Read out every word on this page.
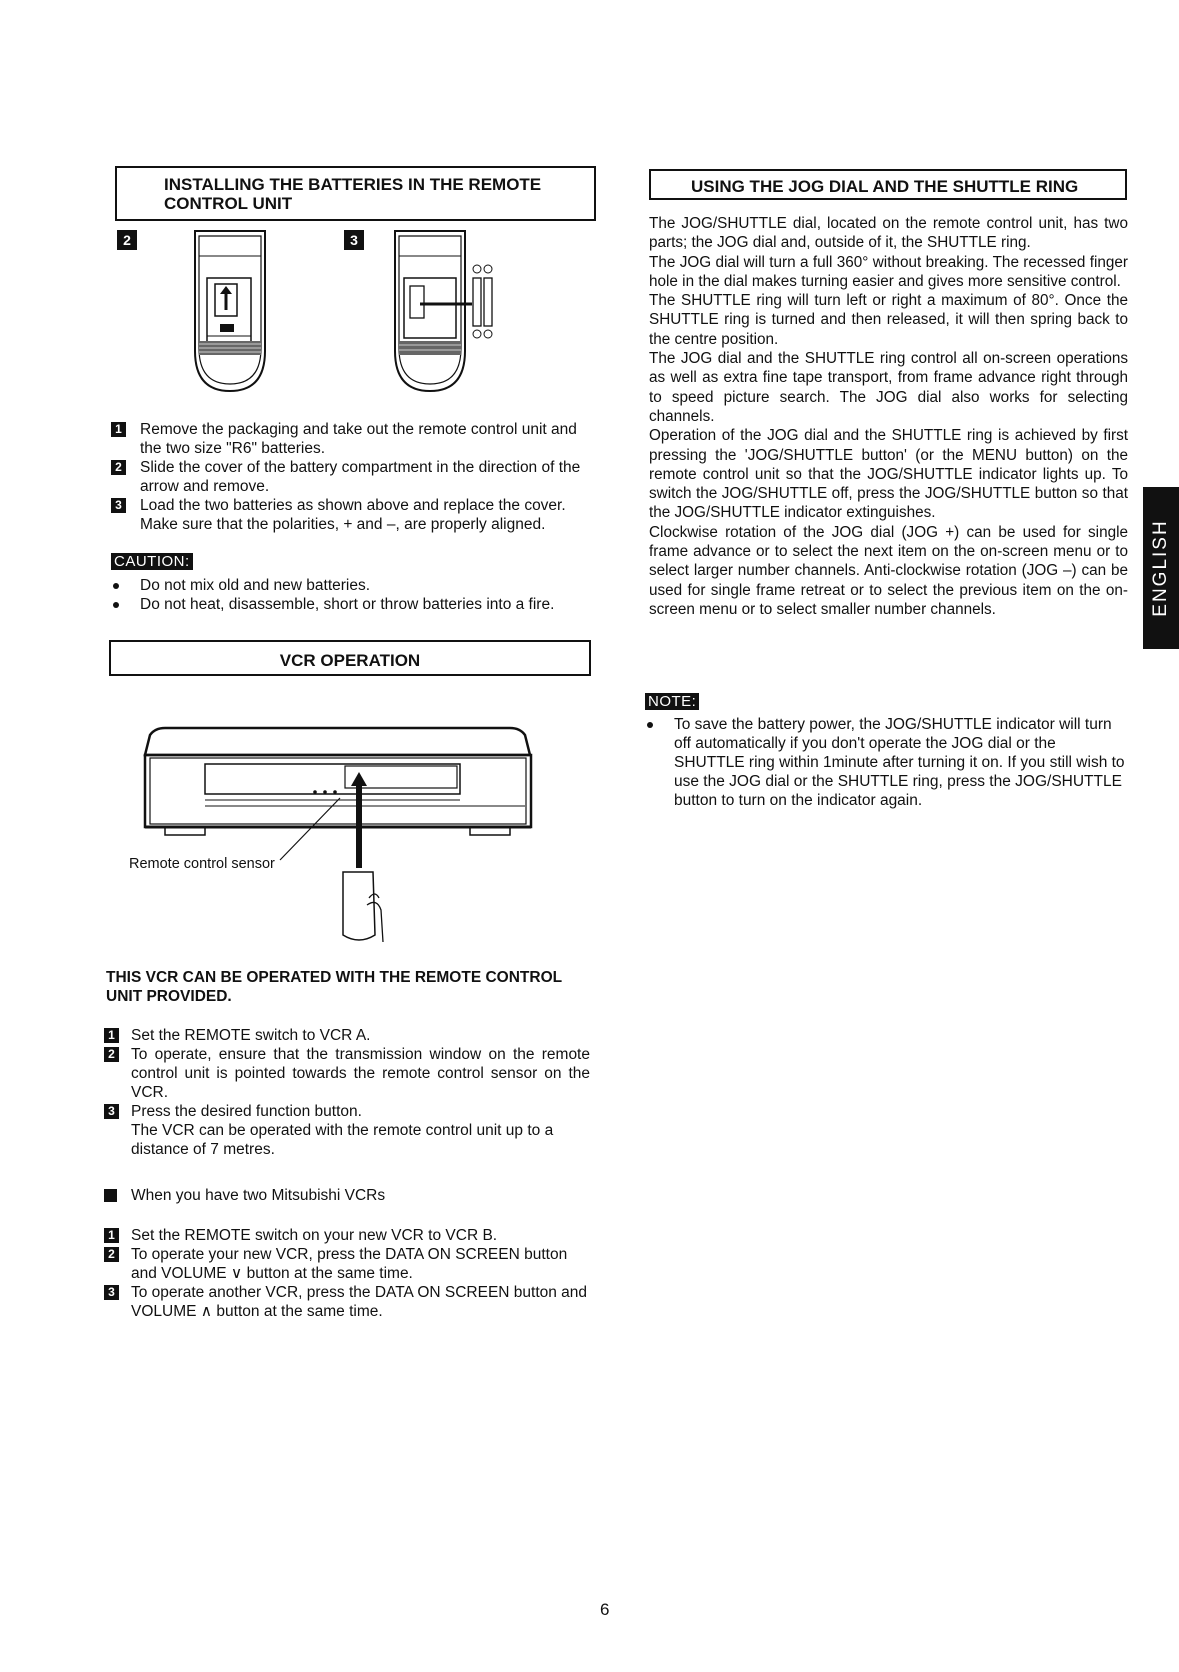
INSTALLING THE BATTERIES IN THE REMOTE CONTROL UNIT
2	3
1 Remove the packaging and take out the remote control unit and the two size "R6" batteries.
2 Slide the cover of the battery compartment in the direction of the arrow and remove.
3 Load the two batteries as shown above and replace the cover. Make sure that the polarities, + and –, are properly aligned.
CAUTION:
Do not mix old and new batteries.
Do not heat, disassemble, short or throw batteries into a fire.
VCR OPERATION
Remote control sensor
THIS VCR CAN BE OPERATED WITH THE REMOTE CONTROL UNIT PROVIDED.
1 Set the REMOTE switch to VCR A.
2 To operate, ensure that the transmission window on the remote control unit is pointed towards the remote control sensor on the VCR.
3 Press the desired function button.
The VCR can be operated with the remote control unit up to a distance of 7 metres.
When you have two Mitsubishi VCRs
1 Set the REMOTE switch on your new VCR to VCR B.
2 To operate your new VCR, press the DATA ON SCREEN button and VOLUME ∨ button at the same time.
3 To operate another VCR, press the DATA ON SCREEN button and VOLUME ∧ button at the same time.
USING THE JOG DIAL AND THE SHUTTLE RING
The JOG/SHUTTLE dial, located on the remote control unit, has two parts; the JOG dial and, outside of it, the SHUTTLE ring.
The JOG dial will turn a full 360° without breaking. The recessed finger hole in the dial makes turning easier and gives more sensitive control.
The SHUTTLE ring will turn left or right a maximum of 80°. Once the SHUTTLE ring is turned and then released, it will then spring back to the centre position.
The JOG dial and the SHUTTLE ring control all on-screen operations as well as extra fine tape transport, from frame advance right through to speed picture search. The JOG dial also works for selecting channels.
Operation of the JOG dial and the SHUTTLE ring is achieved by first pressing the 'JOG/SHUTTLE button' (or the MENU button) on the remote control unit so that the JOG/SHUTTLE indicator lights up. To switch the JOG/SHUTTLE off, press the JOG/SHUTTLE button so that the JOG/SHUTTLE indicator extinguishes.
Clockwise rotation of the JOG dial (JOG +) can be used for single frame advance or to select the next item on the on-screen menu or to select larger number channels. Anti-clockwise rotation (JOG –) can be used for single frame retreat or to select the previous item on the on-screen menu or to select smaller number channels.
NOTE:
To save the battery power, the JOG/SHUTTLE indicator will turn off automatically if you don't operate the JOG dial or the SHUTTLE ring within 1minute after turning it on. If you still wish to use the JOG dial or the SHUTTLE ring, press the JOG/SHUTTLE button to turn on the indicator again.
ENGLISH
6
